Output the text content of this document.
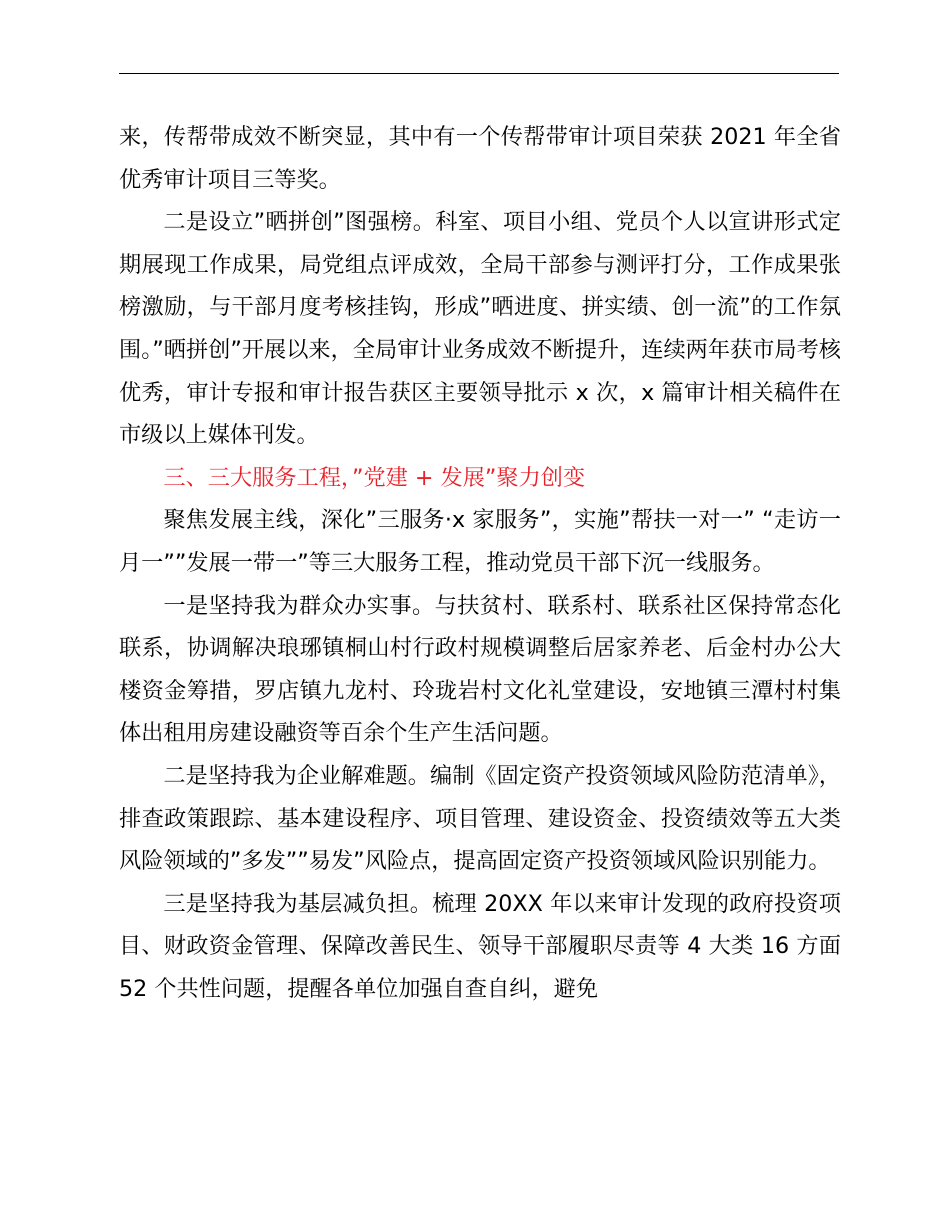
来，传帮带成效不断突显，其中有一个传帮带审计项目荣获 2021 年全省优秀审计项目三等奖。

二是设立”晒拼创”图强榜。科室、项目小组、党员个人以宣讲形式定期展现工作成果，局党组点评成效，全局干部参与测评打分，工作成果张榜激励，与干部月度考核挂钩，形成”晒进度、拼实绩、创一流”的工作氛围。”晒拼创”开展以来，全局审计业务成效不断提升，连续两年获市局考核优秀，审计专报和审计报告获区主要领导批示 x 次，x 篇审计相关稿件在市级以上媒体刊发。

三、三大服务工程，”党建 + 发展”聚力创变

聚焦发展主线，深化”三服务·x 家服务”，实施”帮扶一对一” “走访一月一””发展一带一”等三大服务工程，推动党员干部下沉一线服务。

一是坚持我为群众办实事。与扶贫村、联系村、联系社区保持常态化联系，协调解决琅琊镇桐山村行政村规模调整后居家养老、后金村办公大楼资金筹措，罗店镇九龙村、玲珑岩村文化礼堂建设，安地镇三潭村村集体出租用房建设融资等百余个生产生活问题。

二是坚持我为企业解难题。编制《固定资产投资领域风险防范清单》，排查政策跟踪、基本建设程序、项目管理、建设资金、投资绩效等五大类风险领域的”多发””易发”风险点，提高固定资产投资领域风险识别能力。

三是坚持我为基层减负担。梳理 20XX 年以来审计发现的政府投资项目、财政资金管理、保障改善民生、领导干部履职尽责等 4 大类 16 方面 52 个共性问题，提醒各单位加强自查自纠，避免
